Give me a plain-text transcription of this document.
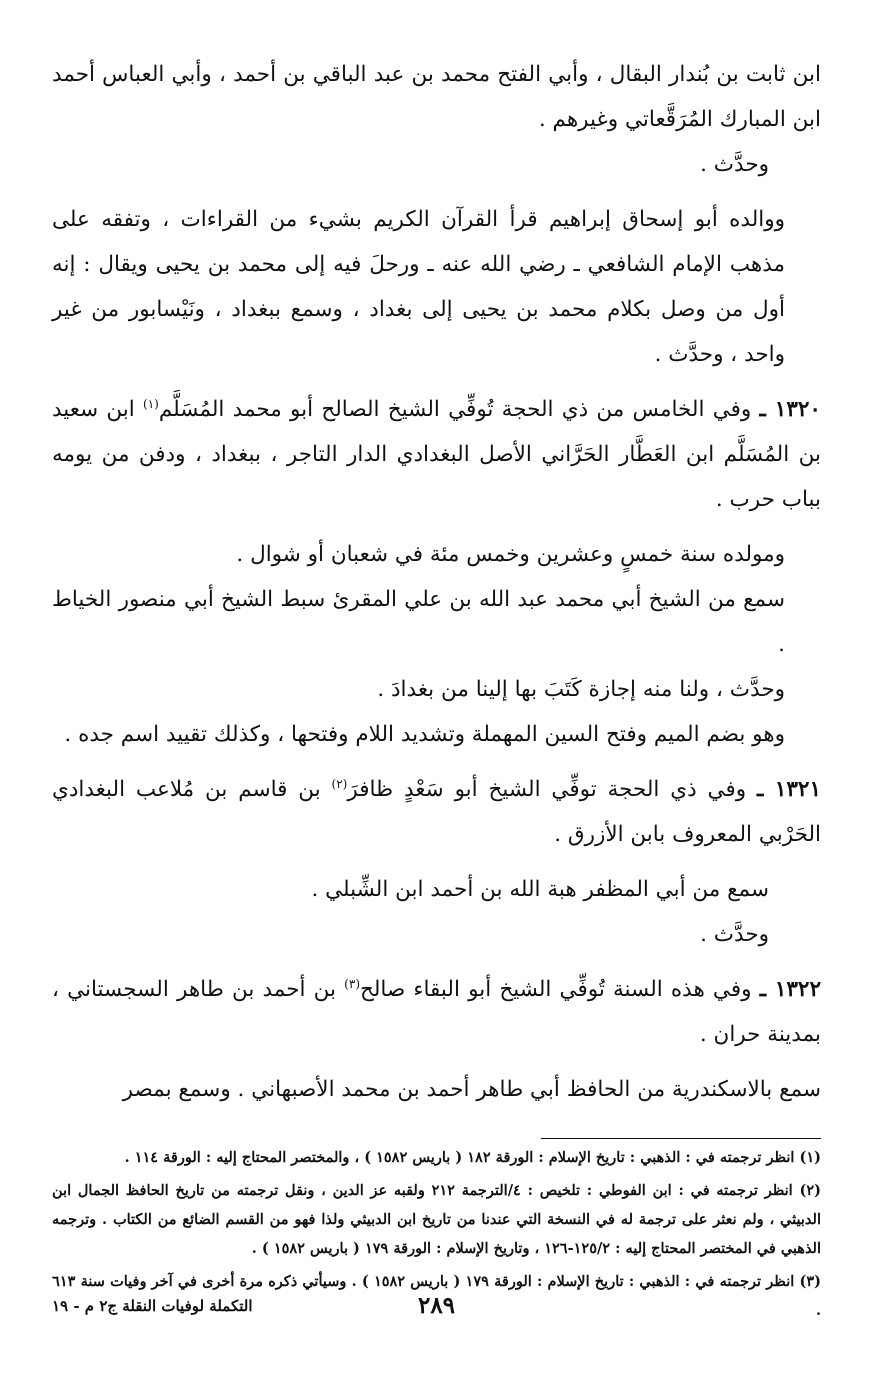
ابن ثابت بن بُندار البقال ، وأبي الفتح محمد بن عبد الباقي بن أحمد ، وأبي العباس أحمد ابن المبارك المُرَقَّعاتي وغيرهم .

وحدَّث .

ووالده أبو إسحاق إبراهيم قرأ القرآن الكريم بشيء من القراءات ، وتفقه على مذهب الإمام الشافعي ـ رضي الله عنه ـ ورحلَ فيه إلى محمد بن يحيى ويقال : إنه أول من وصل بكلام محمد بن يحيى إلى بغداد ، وسمع ببغداد ، ونَيْسابور من غير واحد ، وحدَّث .

١٣٢٠ ـ وفي الخامس من ذي الحجة تُوفِّي الشيخ الصالح أبو محمد المُسَلَّم$^{(١)}$ ابن سعيد بن المُسَلَّم ابن العَطَّار الحَرَّاني الأصل البغدادي الدار التاجر ، ببغداد ، ودفن من يومه بباب حرب .

ومولده سنة خمسٍ وعشرين وخمس مئة في شعبان أو شوال .

سمع من الشيخ أبي محمد عبد الله بن علي المقرئ سبط الشيخ أبي منصور الخياط .

وحدَّث ، ولنا منه إجازة كَتَبَ بها إلينا من بغدادَ .

وهو بضم الميم وفتح السين المهملة وتشديد اللام وفتحها ، وكذلك تقييد اسم جده .

١٣٢١ ـ وفي ذي الحجة توفِّي الشيخ أبو سَعْدٍ ظافرَ$^{(٢)}$ بن قاسم بن مُلاعب البغدادي الحَرْبي المعروف بابن الأزرق .

سمع من أبي المظفر هبة الله بن أحمد ابن الشِّبلي .

وحدَّث .

١٣٢٢ ـ وفي هذه السنة تُوفِّي الشيخ أبو البقاء صالح$^{(٣)}$ بن أحمد بن طاهر السجستاني ، بمدينة حران .

سمع بالاسكندرية من الحافظ أبي طاهر أحمد بن محمد الأصبهاني . وسمع بمصر

(١) انظر ترجمته في : الذهبي : تاريخ الإسلام : الورقة ١٨٢ ( باريس ١٥٨٢ ) ، والمختصر المحتاج إليه : الورقة ١١٤ .

(٢) انظر ترجمته في : ابن الفوطي : تلخيص : ٤/الترجمة ٢١٢ ولقبه عز الدين ، ونقل ترجمته من تاريخ الحافظ الجمال ابن الدبيثي ، ولم نعثر على ترجمة له في النسخة التي عندنا من تاريخ ابن الدبيثي ولذا فهو من القسم الضائع من الكتاب . وترجمه الذهبي في المختصر المحتاج إليه : ١٢٥/٢-١٢٦ ، وتاريخ الإسلام : الورقة ١٧٩ ( باريس ١٥٨٢ ) .

(٣) انظر ترجمته في : الذهبي : تاريخ الإسلام : الورقة ١٧٩ ( باريس ١٥٨٢ ) . وسيأتي ذكره مرة أخرى في آخر وفيات سنة ٦١٣ .

٢٨٩
التكملة لوفيات النقلة ج٢ م - ١٩
